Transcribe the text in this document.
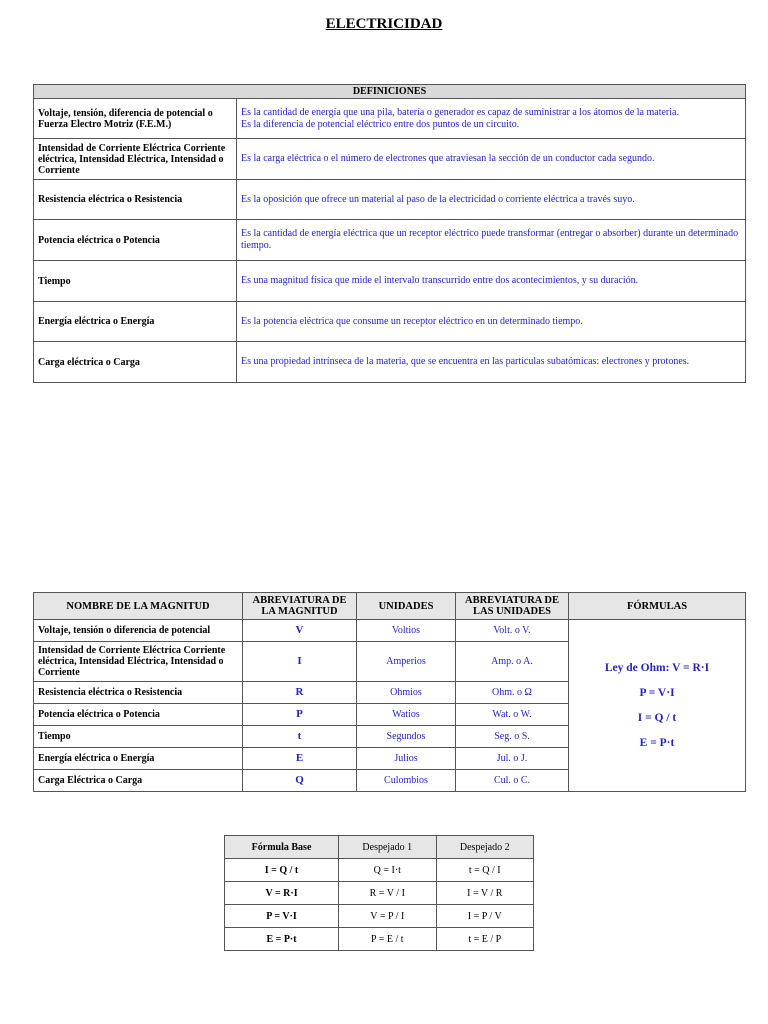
ELECTRICIDAD
DEFINICIONES	
Voltaje, tensión, diferencia de potencial o Fuerza Electro Motriz (F.E.M.)	Es la cantidad de energía que una pila, batería o generador es capaz de suministrar a los átomos de la materia.
Es la diferencia de potencial eléctrico entre dos puntos de un circuito.

Intensidad de Corriente Eléctrica Corriente eléctrica, Intensidad Eléctrica, Intensidad o Corriente	Es la carga eléctrica o el número de electrones que atraviesan la sección de un conductor cada segundo.

Resistencia eléctrica o Resistencia	Es la oposición que ofrece un material al paso de la electricidad o corriente eléctrica a través suyo.

Potencia eléctrica o Potencia	Es la cantidad de energía eléctrica que un receptor eléctrico puede transformar (entregar o absorber) durante un determinado tiempo.

Tiempo	Es una magnitud física que mide el intervalo transcurrido entre dos acontecimientos, y su duración.

Energía eléctrica o Energía	Es la potencia eléctrica que consume un receptor eléctrico en un determinado tiempo.

Carga eléctrica o Carga	Es una propiedad intrínseca de la materia, que se encuentra en las partículas subatómicas: electrones y protones.
NOMBRE DE LA MAGNITUD	ABREVIATURA DE LA MAGNITUD	UNIDADES	ABREVIATURA DE LAS UNIDADES	FÓRMULAS
Voltaje, tensión o diferencia de potencial	V	Voltios	Volt. o V.	Ley de Ohm: V = R·I
P = V·I
I = Q / t
E = P·t

Intensidad de Corriente Eléctrica Corriente eléctrica, Intensidad Eléctrica, Intensidad o Corriente	I	Amperios	Amp. o A.	
Resistencia eléctrica o Resistencia	R	Ohmios	Ohm. o Ω	
Potencia eléctrica o Potencia	P	Watios	Wat. o W.	
Tiempo	t	Segundos	Seg. o S.	
Energía eléctrica o Energía	E	Julios	Jul. o J.	
Carga Eléctrica o Carga	Q	Culombios	Cul. o C.	
Fórmula Base	Despejado 1	Despejado 2
I = Q / t	Q = I·t	t = Q / I
V = R·I	R = V / I	I = V / R
P = V·I	V = P / I	I = P / V
E = P·t	P = E / t	t = E / P
